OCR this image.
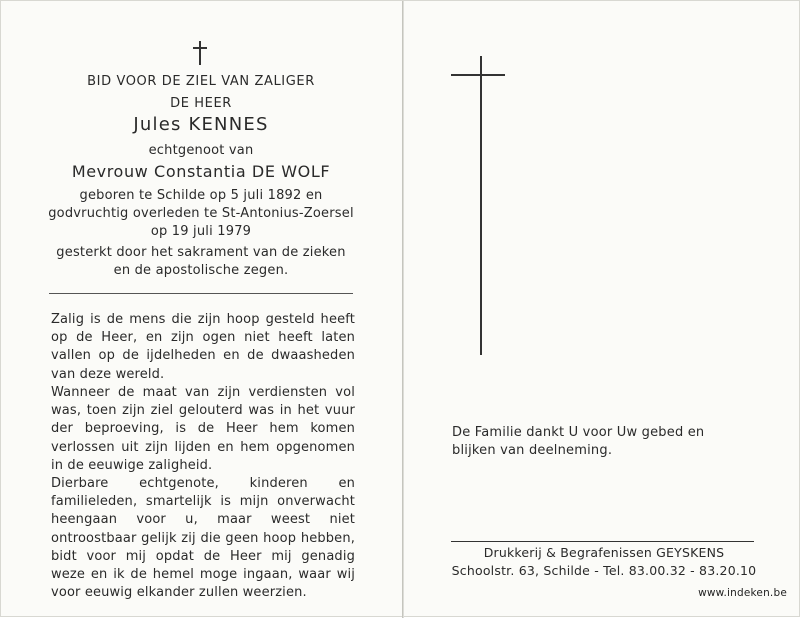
BID VOOR DE ZIEL VAN ZALIGER
DE HEER
Jules KENNES
echtgenoot van
Mevrouw Constantia DE WOLF
geboren te Schilde op 5 juli 1892 en
godvruchtig overleden te St-Antonius-Zoersel
op 19 juli 1979
gesterkt door het sakrament van de zieken
en de apostolische zegen.

Zalig is de mens die zijn hoop gesteld heeft op de Heer, en zijn ogen niet heeft laten vallen op de ijdelheden en de dwaasheden van deze wereld.

Wanneer de maat van zijn verdiensten vol was, toen zijn ziel gelouterd was in het vuur der beproeving, is de Heer hem komen verlossen uit zijn lijden en hem opgenomen in de eeuwige zaligheid.

Dierbare echtgenote, kinderen en familieleden, smartelijk is mijn onverwacht heengaan voor u, maar weest niet ontroostbaar gelijk zij die geen hoop hebben, bidt voor mij opdat de Heer mij genadig weze en ik de hemel moge ingaan, waar wij voor eeuwig elkander zullen weerzien.

De Familie dankt U voor Uw gebed en

blijken van deelneming.

Drukkerij & Begrafenissen GEYSKENS
Schoolstr. 63, Schilde - Tel. 83.00.32 - 83.20.10
www.indeken.be
